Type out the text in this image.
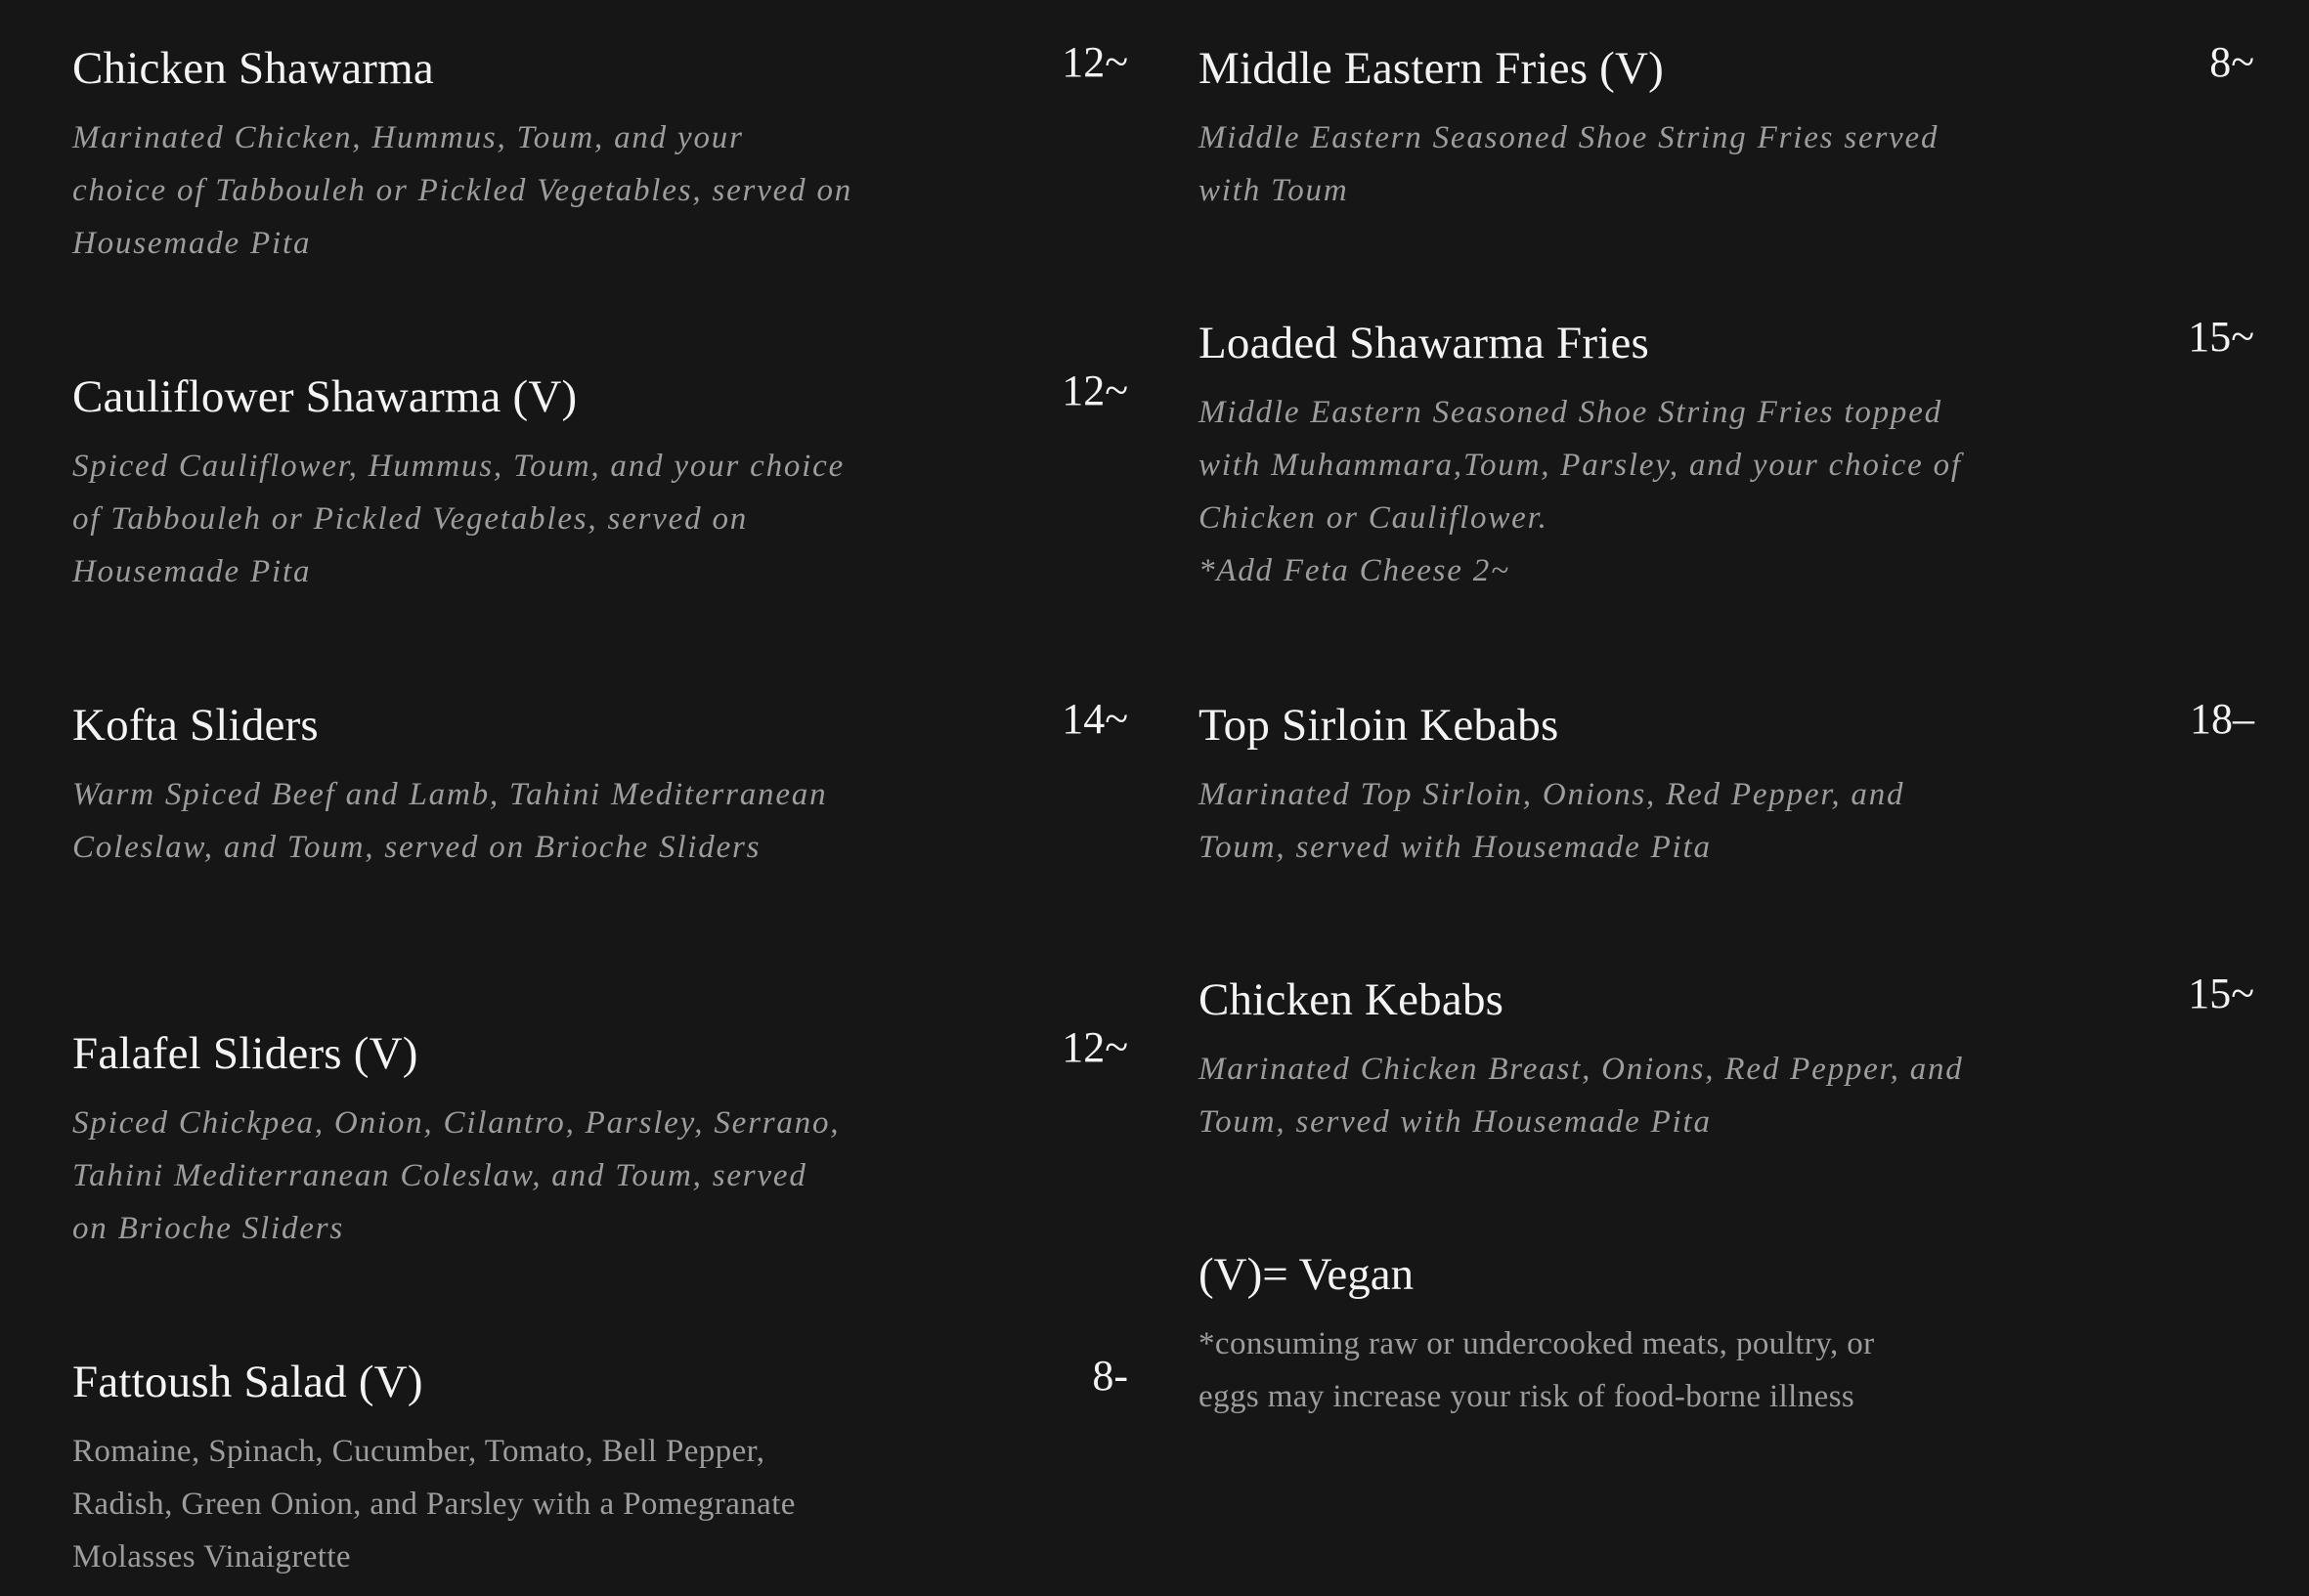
Chicken Shawarma	12~
Marinated Chicken, Hummus, Toum, and your
choice of Tabbouleh or Pickled Vegetables, served on
Housemade Pita
Cauliflower Shawarma (V)	12~
Spiced Cauliflower, Hummus, Toum, and your choice
of Tabbouleh or Pickled Vegetables, served on
Housemade Pita
Kofta Sliders	14~
Warm Spiced Beef and Lamb, Tahini Mediterranean
Coleslaw, and Toum, served on Brioche Sliders
Falafel Sliders (V)	12~
Spiced Chickpea, Onion, Cilantro, Parsley, Serrano,
Tahini Mediterranean Coleslaw, and Toum, served
on Brioche Sliders
Fattoush Salad (V)	8-
Romaine, Spinach, Cucumber, Tomato, Bell Pepper,
Radish, Green Onion, and Parsley with a Pomegranate
Molasses Vinaigrette
Middle Eastern Fries (V)	8~
Middle Eastern Seasoned Shoe String Fries served
with Toum
Loaded Shawarma Fries	15~
Middle Eastern Seasoned Shoe String Fries topped
with Muhammara,Toum, Parsley, and your choice of
Chicken or Cauliflower.
*Add Feta Cheese 2~
Top Sirloin Kebabs	18–
Marinated Top Sirloin, Onions, Red Pepper, and
Toum, served with Housemade Pita
Chicken Kebabs	15~
Marinated Chicken Breast, Onions, Red Pepper, and
Toum, served with Housemade Pita
(V)= Vegan
*consuming raw or undercooked meats, poultry, or
eggs may increase your risk of food-borne illness
